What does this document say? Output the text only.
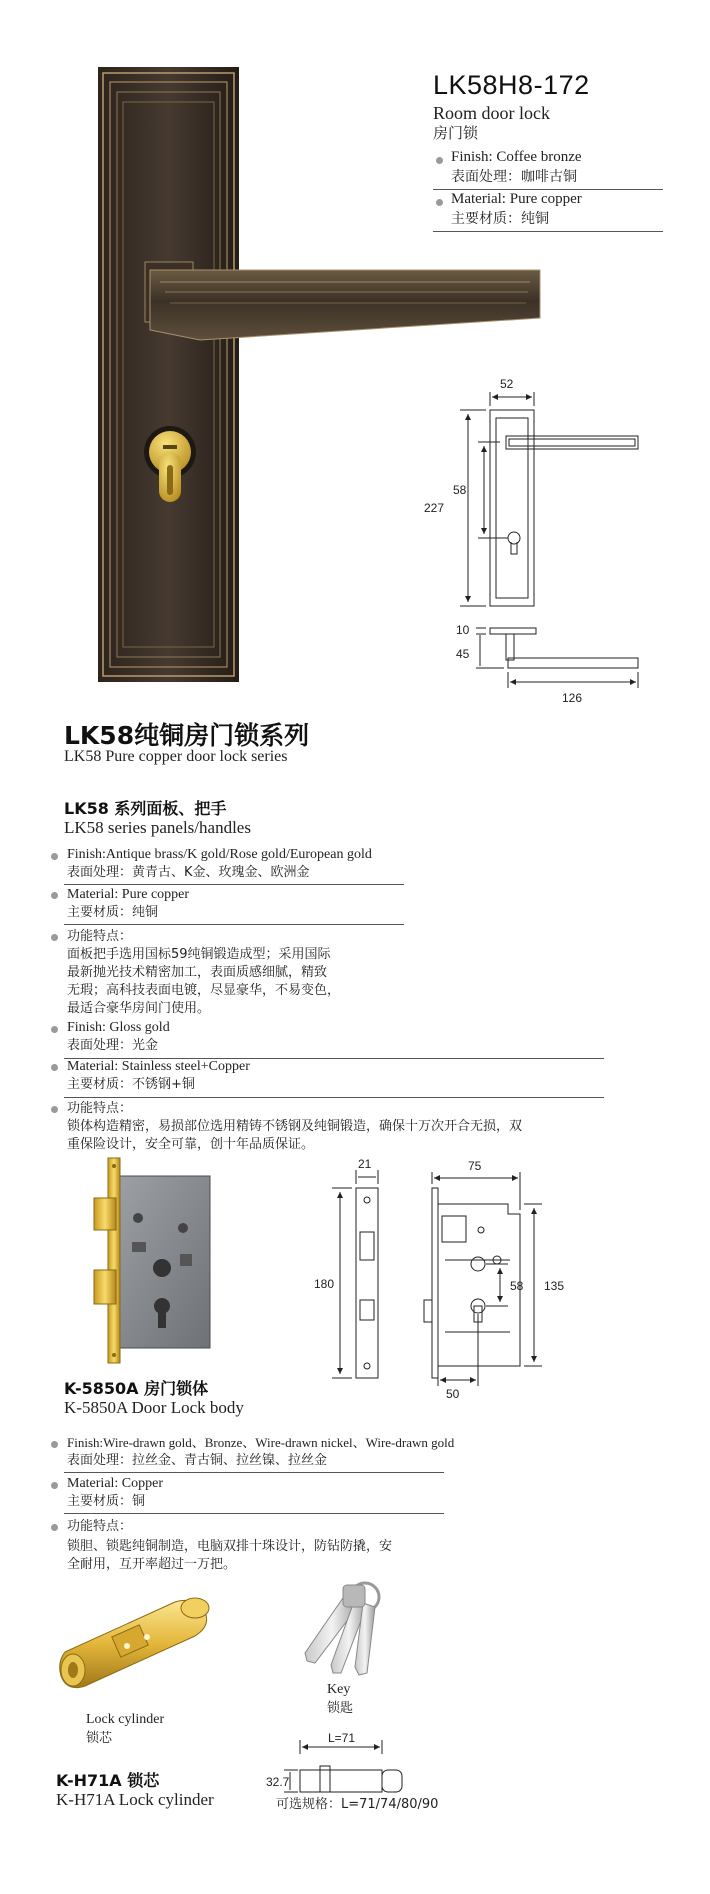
LK58H8-172
Room door lock
房门锁
Finish: Coffee bronze
表面处理：咖啡古铜
Material: Pure copper
主要材质：纯铜
52
227
58
10
45
126
LK58纯铜房门锁系列
LK58 Pure copper door lock series
LK58 系列面板、把手
LK58 series panels/handles
Finish:Antique brass/K gold/Rose gold/European gold
表面处理：黄青古、K金、玫瑰金、欧洲金
Material: Pure copper
主要材质：纯铜
功能特点：
面板把手选用国标59纯铜锻造成型；采用国际
最新抛光技术精密加工，表面质感细腻，精致
无瑕；高科技表面电镀，尽显豪华，不易变色，
最适合豪华房间门使用。
Finish: Gloss gold
表面处理：光金
Material: Stainless steel+Copper
主要材质：不锈钢+铜
功能特点：
锁体构造精密，易损部位选用精铸不锈钢及纯铜锻造，确保十万次开合无损，双
重保险设计，安全可靠，创十年品质保证。
21
180
75
135
58
50
K-5850A 房门锁体
K-5850A Door Lock body
Finish:Wire-drawn gold、Bronze、Wire-drawn nickel、Wire-drawn gold
表面处理：拉丝金、青古铜、拉丝镍、拉丝金
Material: Copper
主要材质：铜
功能特点：
锁胆、锁匙纯铜制造，电脑双排十珠设计，防钻防撬，安
全耐用，互开率超过一万把。
Lock cylinder
锁芯
Key
锁匙
L=71
32.7
K-H71A 锁芯
K-H71A Lock cylinder	可选规格：L=71/74/80/90
